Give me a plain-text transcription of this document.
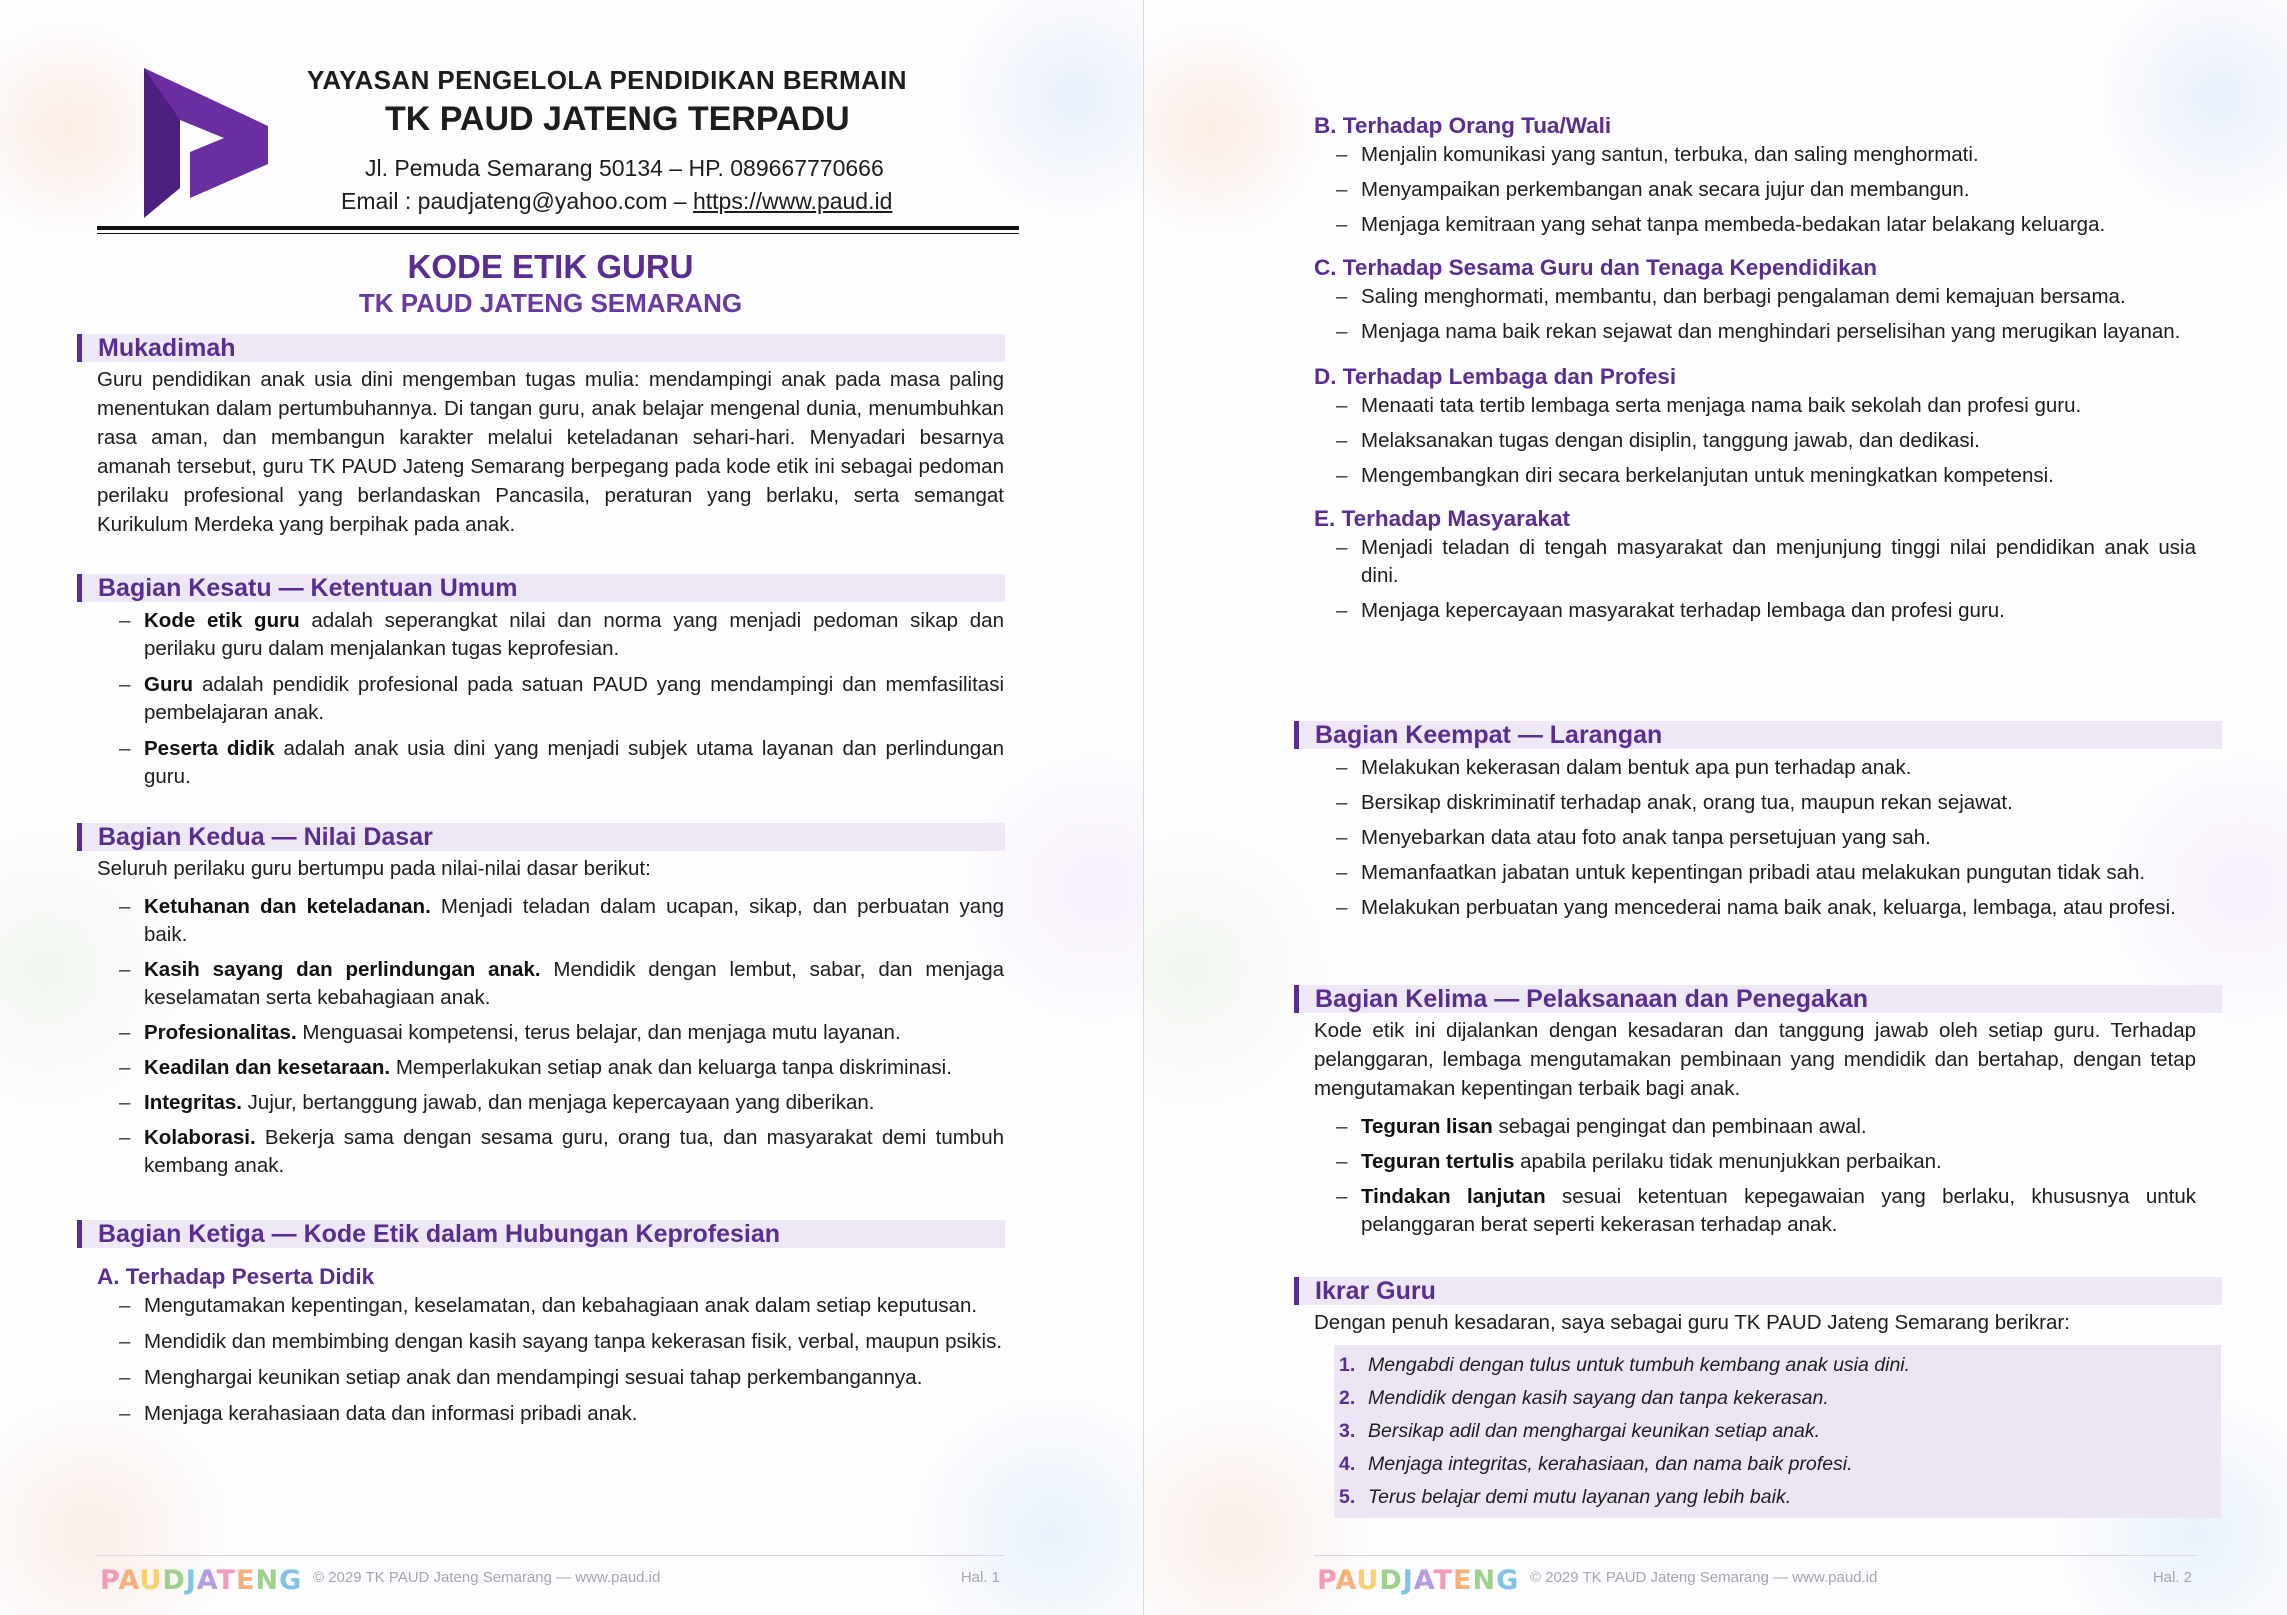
YAYASAN PENGELOLA PENDIDIKAN BERMAIN
TK PAUD JATENG TERPADU
Jl. Pemuda Semarang 50134 – HP. 089667770666
Email : paudjateng@yahoo.com – https://www.paud.id
KODE ETIK GURU
TK PAUD JATENG SEMARANG
Mukadimah

Guru pendidikan anak usia dini mengemban tugas mulia: mendampingi anak pada masa paling menentukan dalam pertumbuhannya. Di tangan guru, anak belajar mengenal dunia, menumbuhkan rasa aman, dan membangun karakter melalui keteladanan sehari-hari. Menyadari besarnya amanah tersebut, guru TK PAUD Jateng Semarang berpegang pada kode etik ini sebagai pedoman perilaku profesional yang berlandaskan Pancasila, peraturan yang berlaku, serta semangat Kurikulum Merdeka yang berpihak pada anak.

Bagian Kesatu — Ketentuan Umum
– Kode etik guru adalah seperangkat nilai dan norma yang menjadi pedoman sikap dan perilaku guru dalam menjalankan tugas keprofesian.
– Guru adalah pendidik profesional pada satuan PAUD yang mendampingi dan memfasilitasi pembelajaran anak.
– Peserta didik adalah anak usia dini yang menjadi subjek utama layanan dan perlindungan guru.
Bagian Kedua — Nilai Dasar

Seluruh perilaku guru bertumpu pada nilai-nilai dasar berikut:

– Ketuhanan dan keteladanan. Menjadi teladan dalam ucapan, sikap, dan perbuatan yang baik.
– Kasih sayang dan perlindungan anak. Mendidik dengan lembut, sabar, dan menjaga keselamatan serta kebahagiaan anak.
– Profesionalitas. Menguasai kompetensi, terus belajar, dan menjaga mutu layanan.
– Keadilan dan kesetaraan. Memperlakukan setiap anak dan keluarga tanpa diskriminasi.
– Integritas. Jujur, bertanggung jawab, dan menjaga kepercayaan yang diberikan.
– Kolaborasi. Bekerja sama dengan sesama guru, orang tua, dan masyarakat demi tumbuh kembang anak.
Bagian Ketiga — Kode Etik dalam Hubungan Keprofesian
A. Terhadap Peserta Didik
– Mengutamakan kepentingan, keselamatan, dan kebahagiaan anak dalam setiap keputusan.
– Mendidik dan membimbing dengan kasih sayang tanpa kekerasan fisik, verbal, maupun psikis.
– Menghargai keunikan setiap anak dan mendampingi sesuai tahap perkembangannya.
– Menjaga kerahasiaan data dan informasi pribadi anak.
PAUDJATENG © 2029 TK PAUD Jateng Semarang — www.paud.id	Hal. 1
B. Terhadap Orang Tua/Wali
– Menjalin komunikasi yang santun, terbuka, dan saling menghormati.
– Menyampaikan perkembangan anak secara jujur dan membangun.
– Menjaga kemitraan yang sehat tanpa membeda-bedakan latar belakang keluarga.
C. Terhadap Sesama Guru dan Tenaga Kependidikan
– Saling menghormati, membantu, dan berbagi pengalaman demi kemajuan bersama.
– Menjaga nama baik rekan sejawat dan menghindari perselisihan yang merugikan layanan.
D. Terhadap Lembaga dan Profesi
– Menaati tata tertib lembaga serta menjaga nama baik sekolah dan profesi guru.
– Melaksanakan tugas dengan disiplin, tanggung jawab, dan dedikasi.
– Mengembangkan diri secara berkelanjutan untuk meningkatkan kompetensi.
E. Terhadap Masyarakat
– Menjadi teladan di tengah masyarakat dan menjunjung tinggi nilai pendidikan anak usia dini.
– Menjaga kepercayaan masyarakat terhadap lembaga dan profesi guru.
Bagian Keempat — Larangan
– Melakukan kekerasan dalam bentuk apa pun terhadap anak.
– Bersikap diskriminatif terhadap anak, orang tua, maupun rekan sejawat.
– Menyebarkan data atau foto anak tanpa persetujuan yang sah.
– Memanfaatkan jabatan untuk kepentingan pribadi atau melakukan pungutan tidak sah.
– Melakukan perbuatan yang mencederai nama baik anak, keluarga, lembaga, atau profesi.
Bagian Kelima — Pelaksanaan dan Penegakan

Kode etik ini dijalankan dengan kesadaran dan tanggung jawab oleh setiap guru. Terhadap pelanggaran, lembaga mengutamakan pembinaan yang mendidik dan bertahap, dengan tetap mengutamakan kepentingan terbaik bagi anak.

– Teguran lisan sebagai pengingat dan pembinaan awal.
– Teguran tertulis apabila perilaku tidak menunjukkan perbaikan.
– Tindakan lanjutan sesuai ketentuan kepegawaian yang berlaku, khususnya untuk pelanggaran berat seperti kekerasan terhadap anak.
Ikrar Guru

Dengan penuh kesadaran, saya sebagai guru TK PAUD Jateng Semarang berikrar:

1. Mengabdi dengan tulus untuk tumbuh kembang anak usia dini.
2. Mendidik dengan kasih sayang dan tanpa kekerasan.
3. Bersikap adil dan menghargai keunikan setiap anak.
4. Menjaga integritas, kerahasiaan, dan nama baik profesi.
5. Terus belajar demi mutu layanan yang lebih baik.
PAUDJATENG © 2029 TK PAUD Jateng Semarang — www.paud.id	Hal. 2
